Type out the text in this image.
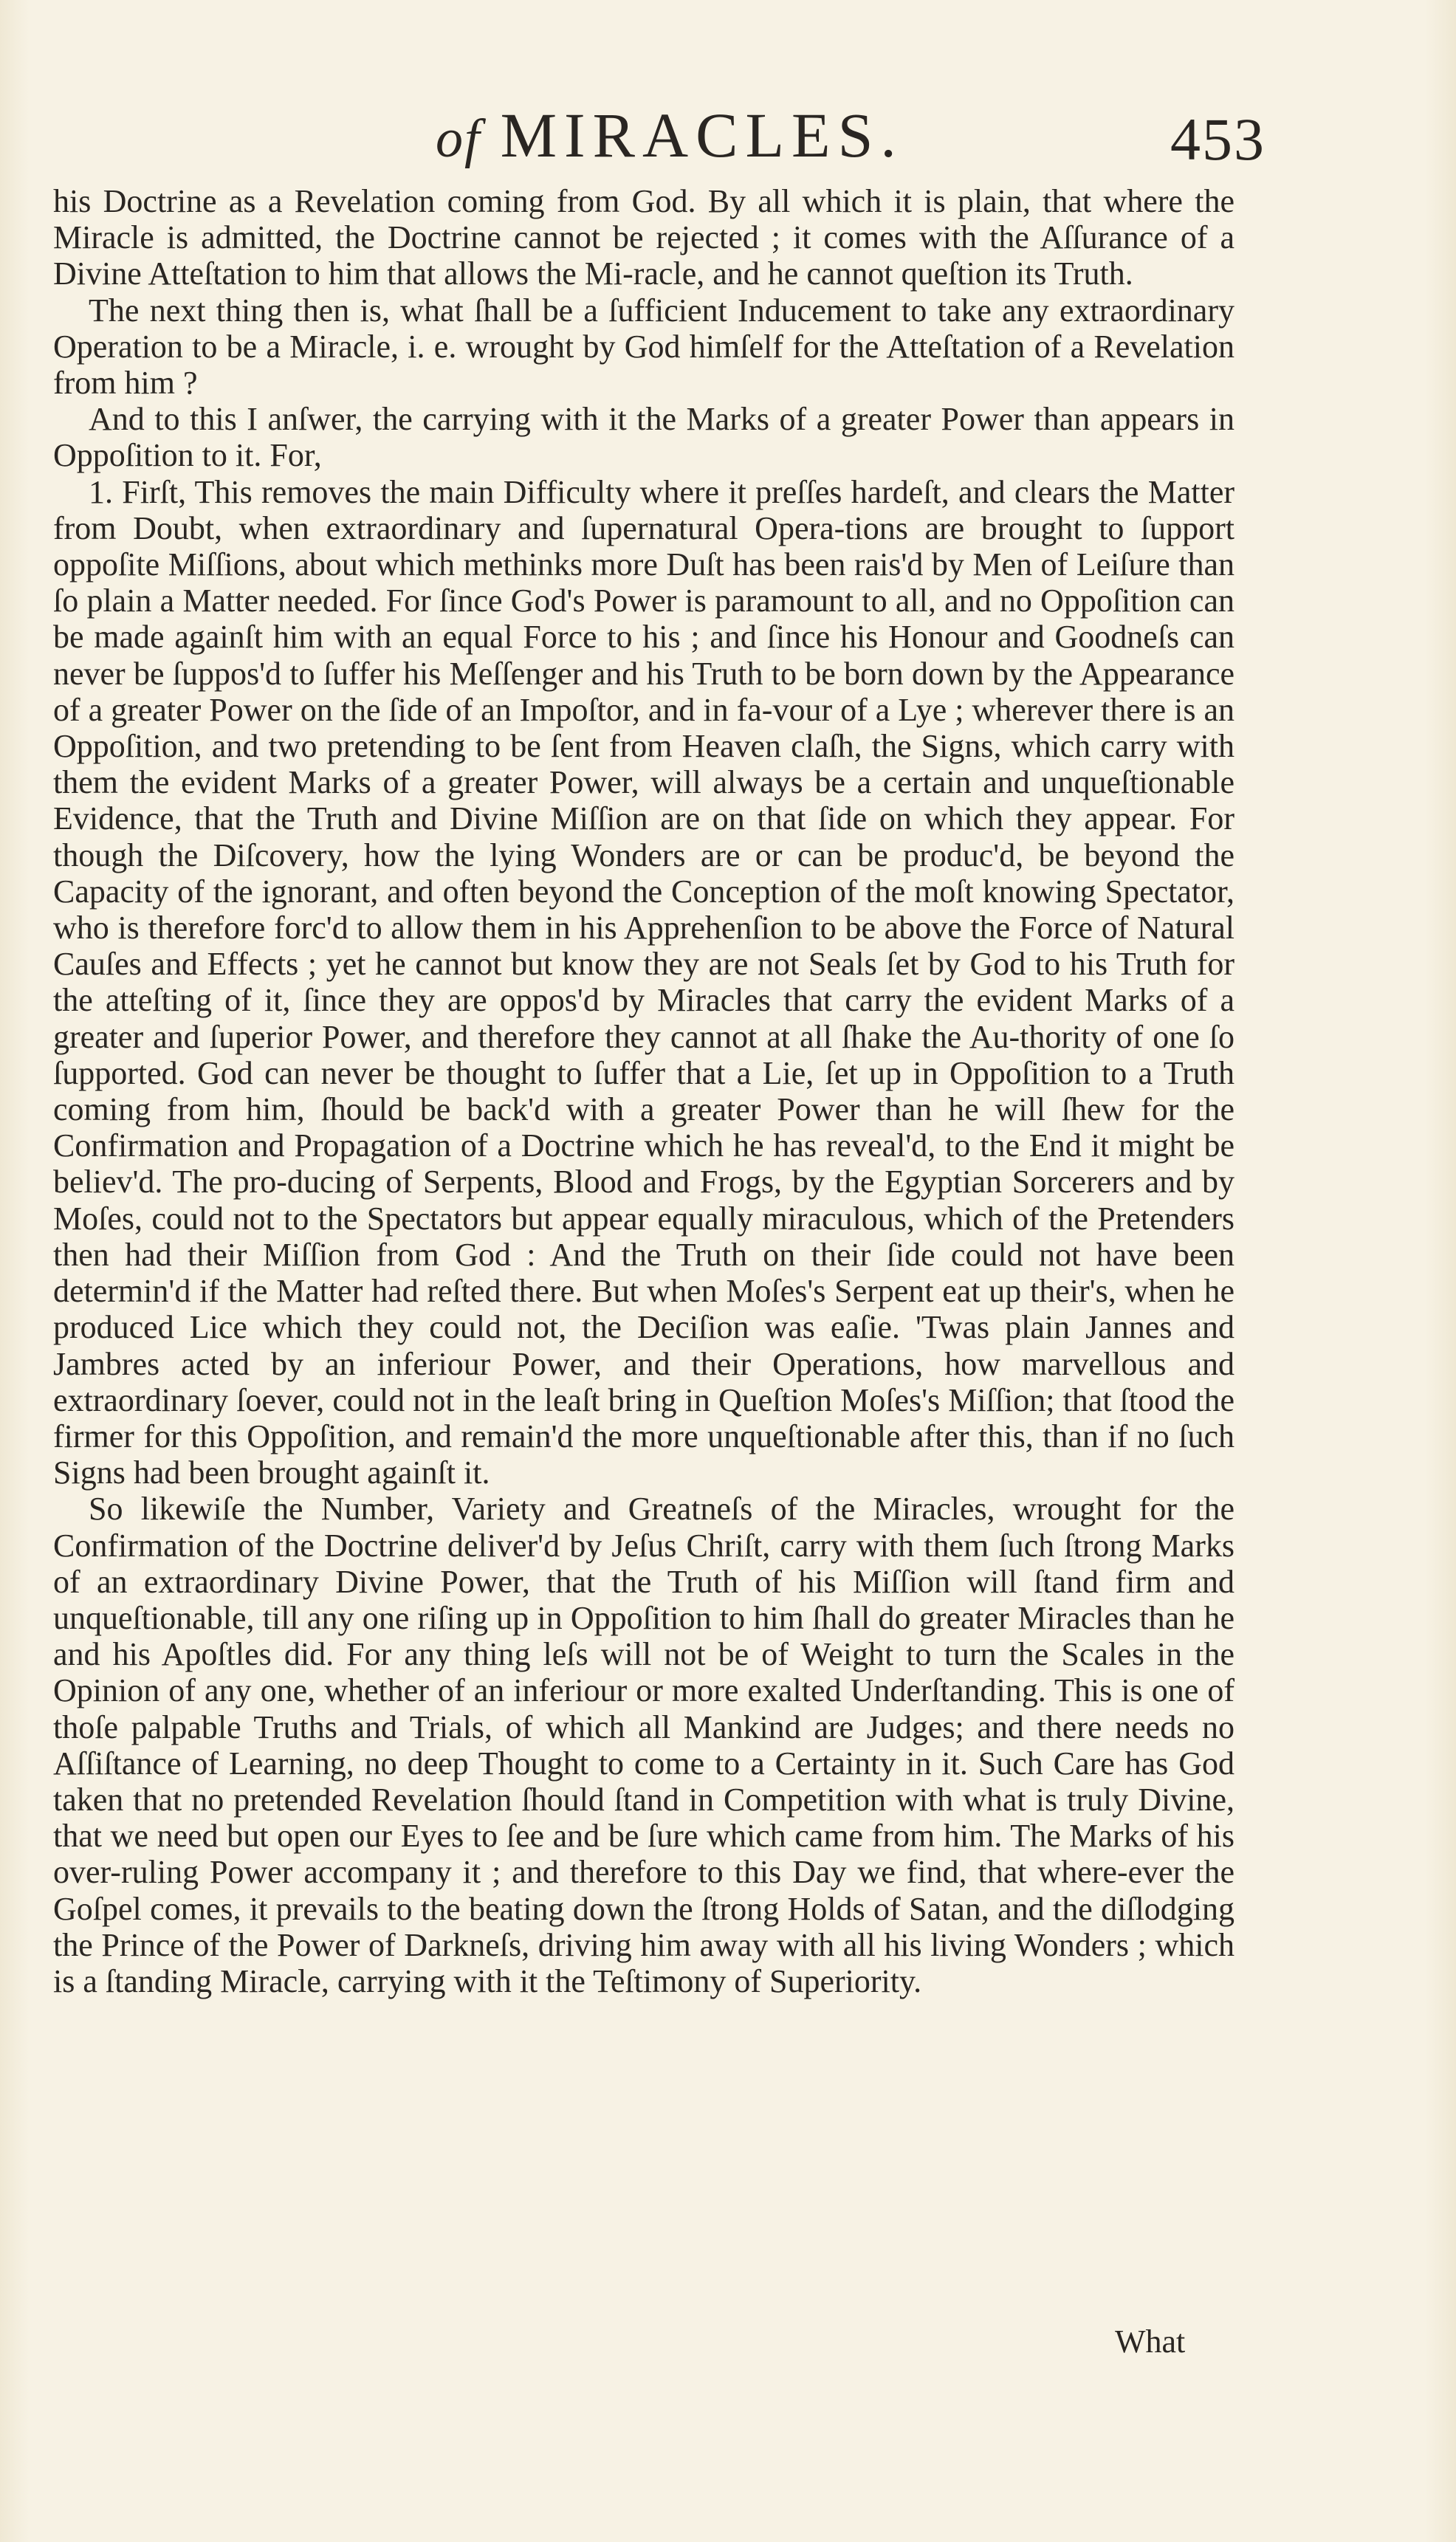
of MIRACLES.	453

his Doctrine as a Revelation coming from God. By all which it is plain, that where the Miracle is admitted, the Doctrine cannot be rejected ; it comes with the Aſſurance of a Divine Atteſtation to him that allows the Mi-racle, and he cannot queſtion its Truth.

The next thing then is, what ſhall be a ſufficient Inducement to take any extraordinary Operation to be a Miracle, i. e. wrought by God himſelf for the Atteſtation of a Revelation from him ?

And to this I anſwer, the carrying with it the Marks of a greater Power than appears in Oppoſition to it. For,

1. Firſt, This removes the main Difficulty where it preſſes hardeſt, and clears the Matter from Doubt, when extraordinary and ſupernatural Opera-tions are brought to ſupport oppoſite Miſſions, about which methinks more Duſt has been rais'd by Men of Leiſure than ſo plain a Matter needed. For ſince God's Power is paramount to all, and no Oppoſition can be made againſt him with an equal Force to his ; and ſince his Honour and Goodneſs can never be ſuppos'd to ſuffer his Meſſenger and his Truth to be born down by the Appearance of a greater Power on the ſide of an Impoſtor, and in fa-vour of a Lye ; wherever there is an Oppoſition, and two pretending to be ſent from Heaven claſh, the Signs, which carry with them the evident Marks of a greater Power, will always be a certain and unqueſtionable Evidence, that the Truth and Divine Miſſion are on that ſide on which they appear. For though the Diſcovery, how the lying Wonders are or can be produc'd, be beyond the Capacity of the ignorant, and often beyond the Conception of the moſt knowing Spectator, who is therefore forc'd to allow them in his Apprehenſion to be above the Force of Natural Cauſes and Effects ; yet he cannot but know they are not Seals ſet by God to his Truth for the atteſting of it, ſince they are oppos'd by Miracles that carry the evident Marks of a greater and ſuperior Power, and therefore they cannot at all ſhake the Au-thority of one ſo ſupported. God can never be thought to ſuffer that a Lie, ſet up in Oppoſition to a Truth coming from him, ſhould be back'd with a greater Power than he will ſhew for the Confirmation and Propagation of a Doctrine which he has reveal'd, to the End it might be believ'd. The pro-ducing of Serpents, Blood and Frogs, by the Egyptian Sorcerers and by Moſes, could not to the Spectators but appear equally miraculous, which of the Pretenders then had their Miſſion from God : And the Truth on their ſide could not have been determin'd if the Matter had reſted there. But when Moſes's Serpent eat up their's, when he produced Lice which they could not, the Deciſion was eaſie. 'Twas plain Jannes and Jambres acted by an inferiour Power, and their Operations, how marvellous and extraordinary ſoever, could not in the leaſt bring in Queſtion Moſes's Miſſion; that ſtood the firmer for this Oppoſition, and remain'd the more unqueſtionable after this, than if no ſuch Signs had been brought againſt it.

So likewiſe the Number, Variety and Greatneſs of the Miracles, wrought for the Confirmation of the Doctrine deliver'd by Jeſus Chriſt, carry with them ſuch ſtrong Marks of an extraordinary Divine Power, that the Truth of his Miſſion will ſtand firm and unqueſtionable, till any one riſing up in Oppoſition to him ſhall do greater Miracles than he and his Apoſtles did. For any thing leſs will not be of Weight to turn the Scales in the Opinion of any one, whether of an inferiour or more exalted Underſtanding. This is one of thoſe palpable Truths and Trials, of which all Mankind are Judges; and there needs no Aſſiſtance of Learning, no deep Thought to come to a Certainty in it. Such Care has God taken that no pretended Revelation ſhould ſtand in Competition with what is truly Divine, that we need but open our Eyes to ſee and be ſure which came from him. The Marks of his over-ruling Power accompany it ; and therefore to this Day we find, that where-ever the Goſpel comes, it prevails to the beating down the ſtrong Holds of Satan, and the diſlodging the Prince of the Power of Darkneſs, driving him away with all his living Wonders ; which is a ſtanding Miracle, carrying with it the Teſtimony of Superiority.

What
